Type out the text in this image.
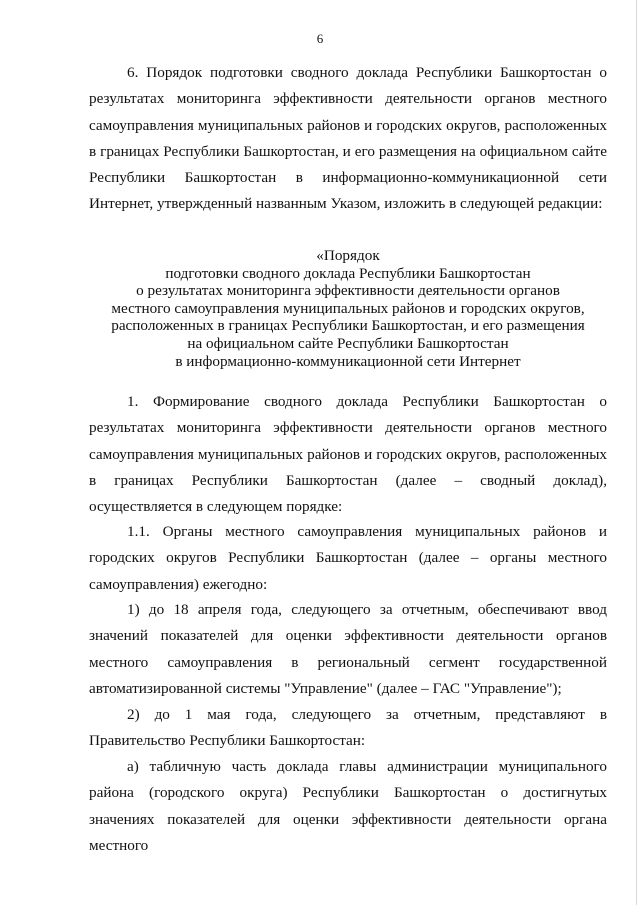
6

6. Порядок подготовки сводного доклада Республики Башкортостан о результатах мониторинга эффективности деятельности органов местного самоуправления муниципальных районов и городских округов, расположенных в границах Республики Башкортостан, и его размещения на официальном сайте Республики Башкортостан в информационно-коммуникационной сети Интернет, утвержденный названным Указом, изложить в следующей редакции:

«Порядок
подготовки сводного доклада Республики Башкортостан
о результатах мониторинга эффективности деятельности органов
местного самоуправления муниципальных районов и городских округов,
расположенных в границах Республики Башкортостан, и его размещения
на официальном сайте Республики Башкортостан
в информационно-коммуникационной сети Интернет

1. Формирование сводного доклада Республики Башкортостан о результатах мониторинга эффективности деятельности органов местного самоуправления муниципальных районов и городских округов, расположенных в границах Республики Башкортостан (далее – сводный доклад), осуществляется в следующем порядке:

1.1. Органы местного самоуправления муниципальных районов и городских округов Республики Башкортостан (далее – органы местного самоуправления) ежегодно:

1) до 18 апреля года, следующего за отчетным, обеспечивают ввод значений показателей для оценки эффективности деятельности органов местного самоуправления в региональный сегмент государственной автоматизированной системы "Управление" (далее – ГАС "Управление");

2) до 1 мая года, следующего за отчетным, представляют в Правительство Республики Башкортостан:

а) табличную часть доклада главы администрации муниципального района (городского округа) Республики Башкортостан о достигнутых значениях показателей для оценки эффективности деятельности органа местного
